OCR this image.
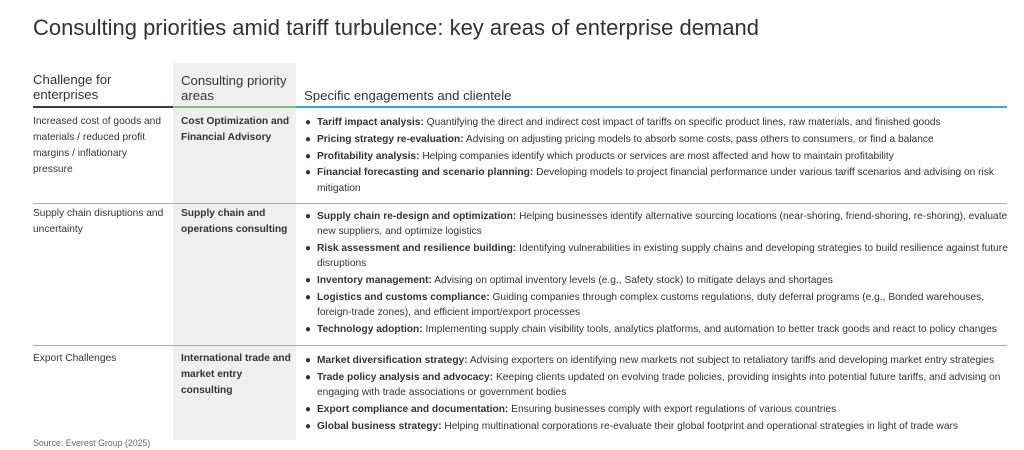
Consulting priorities amid tariff turbulence: key areas of enterprise demand
Challenge for enterprises
Consulting priority areas	Specific engagements and clientele
Increased cost of goods and materials / reduced profit margins / inflationary pressure
Cost Optimization and Financial Advisory
● Tariff impact analysis: Quantifying the direct and indirect cost impact of tariffs on specific product lines, raw materials, and finished goods
● Pricing strategy re-evaluation: Advising on adjusting pricing models to absorb some costs, pass others to consumers, or find a balance
● Profitability analysis: Helping companies identify which products or services are most affected and how to maintain profitability
● Financial forecasting and scenario planning: Developing models to project financial performance under various tariff scenarios and advising on risk mitigation
Supply chain disruptions and uncertainty
Supply chain and operations consulting
● Supply chain re-design and optimization: Helping businesses identify alternative sourcing locations (near-shoring, friend-shoring, re-shoring), evaluate new suppliers, and optimize logistics
● Risk assessment and resilience building: Identifying vulnerabilities in existing supply chains and developing strategies to build resilience against future disruptions
● Inventory management: Advising on optimal inventory levels (e.g., Safety stock) to mitigate delays and shortages
● Logistics and customs compliance: Guiding companies through complex customs regulations, duty deferral programs (e.g., Bonded warehouses, foreign-trade zones), and efficient import/export processes
● Technology adoption: Implementing supply chain visibility tools, analytics platforms, and automation to better track goods and react to policy changes
Export Challenges	International trade and market entry consulting
● Market diversification strategy: Advising exporters on identifying new markets not subject to retaliatory tariffs and developing market entry strategies
● Trade policy analysis and advocacy: Keeping clients updated on evolving trade policies, providing insights into potential future tariffs, and advising on engaging with trade associations or government bodies
● Export compliance and documentation: Ensuring businesses comply with export regulations of various countries
● Global business strategy: Helping multinational corporations re-evaluate their global footprint and operational strategies in light of trade wars
Source: Everest Group (2025)
